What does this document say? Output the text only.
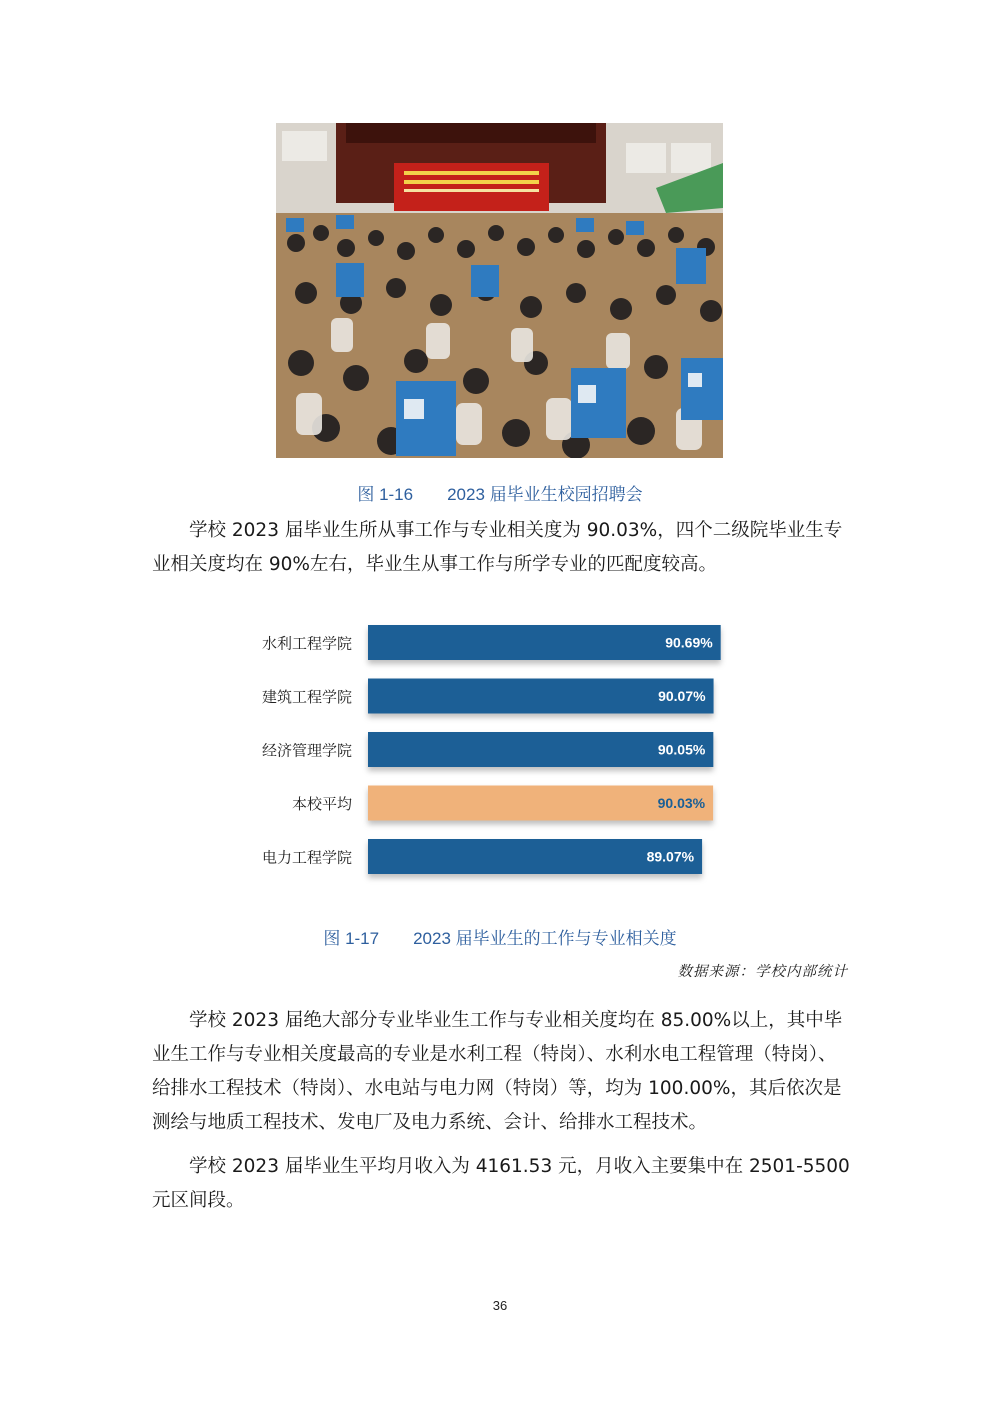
图 1-16 2023 届毕业生校园招聘会

学校 2023 届毕业生所从事工作与专业相关度为 90.03%，四个二级院毕业生专业相关度均在 90%左右，毕业生从事工作与所学专业的匹配度较高。

水利工程学院	90.69%
建筑工程学院	90.07%
经济管理学院	90.05%
本校平均	90.03%
电力工程学院	89.07%
图 1-17 2023 届毕业生的工作与专业相关度
数据来源：学校内部统计

学校 2023 届绝大部分专业毕业生工作与专业相关度均在 85.00%以上，其中毕业生工作与专业相关度最高的专业是水利工程（特岗）、水利水电工程管理（特岗）、给排水工程技术（特岗）、水电站与电力网（特岗）等，均为 100.00%，其后依次是测绘与地质工程技术、发电厂及电力系统、会计、给排水工程技术。

学校 2023 届毕业生平均月收入为 4161.53 元，月收入主要集中在 2501-5500 元区间段。

36
